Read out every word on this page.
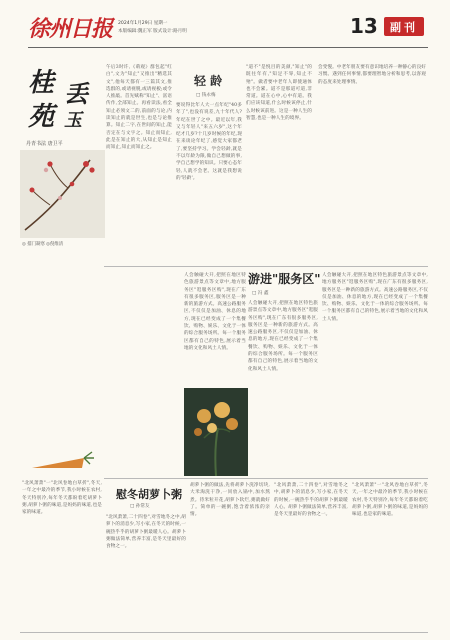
徐州日报 2024年1月29日 星期一
本版编辑:魏正军 版式设计:路月明	13	副刊
桂
苑
丢
玉
丹青书法 唐卫平
◎ 擂门凝寒 ◎倪维清
午后3时许,《萌观》群包起"红白",文为"知止"又推出"精选其文",他每天都有一三篇其文,推选群的,或请视脱,或请视板;或令人推敲。首先赋称"知止"、富语传作,全部知止。再看读法,看全知止必须文二的,前面的与论,内读知止的就是世生,也是与论推算。知止二字,在世间的知止,能否定在与文字之。知止而知止,此是在知止的大,从知止是知止而知止,知止而知止之。
轻 龄
□ 钱永梅
要说得比年人大一点年纪"40多年了",也没有说差,九十年代人?年纪在世了之中。最近以年,我又与年轻人"来五六岁",这个年纪才几岁?十几岁时候的年纪,现在来谈论年纪了,感觉大家都老了,要坚持学习。学会轻龄,就是不以年龄为限,做自己想做的事,学自己想学的知识。只要心态年轻,人就不会老。这就是我想说的'轻龄'。
"道不"是悦目的美颜,"知止"的既往年有,"知足不辱,知止不殆"。做者要中老年人即使通体也不会累。道不是那道可道,非常道。道在心中,心中有道。我们应该知道,什么时候该停止,什么时候该前进。这是一种人生的智慧,也是一种人生的境界。
会变慢。中老年朋友要有意识地培养一种静心的良好习惯。遇到任何事情,都要理智地分析和思考,以客观的态度来处理事情。
人会触碰大开,把照在地区特色旅游景点等文章中,地方服务区"逛服务区购",现在广东有很多服务区,服务区是一种新的旅游方式。高速公路服务区,不仅仅是加油、休息的地方,现在已经变成了一个集餐饮、购物、娱乐、文化于一体的综合服务场所。每一个服务区都有自己的特色,展示着当地的文化和风土人情。
游进"服务区"
□ 冯 鑫
人会触碰大开,把照在地区特色旅游景点等文章中,地方服务区"逛服务区购",现在广东有很多服务区,服务区是一种新的旅游方式。高速公路服务区,不仅仅是加油、休息的地方,现在已经变成了一个集餐饮、购物、娱乐、文化于一体的综合服务场所。每一个服务区都有自己的特色,展示着当地的文化和风土人情。
人会触碰大开,把照在地区特色旅游景点等文章中,地方服务区"逛服务区购",现在广东有很多服务区,服务区是一种新的旅游方式。高速公路服务区,不仅仅是加油、休息的地方,现在已经变成了一个集餐饮、购物、娱乐、文化于一体的综合服务场所。每一个服务区都有自己的特色,展示着当地的文化和风土人情。
"北风萧萧"一"北风卷地白草折",冬天,一年之中最冷的季节,我小时候在农村,冬天特别冷,每年冬天都盼着吃胡萝卜粥,胡萝卜粥的味道,是妈妈的味道,也是家的味道。
慰冬胡萝卜粥
□ 孙常友
"北风萧萧,二十四卷",对雪地冬之中,胡萝卜的消息少,写小家,在冬天的时候,一碗热乎乎的胡萝卜粥最暖人心。胡萝卜粥做法简单,营养丰富,是冬天里最好的食物之一。
胡萝卜粥的做法,先将胡萝卜洗净切块,大米淘洗干净,一同放入锅中,加水熬煮。待米粒开花,胡萝卜软烂,粥就做好了。简单的一碗粥,饱含着浓浓的亲情。
"北风萧萧,二十四卷",对雪地冬之中,胡萝卜的消息少,写小家,在冬天的时候,一碗热乎乎的胡萝卜粥最暖人心。胡萝卜粥做法简单,营养丰富,是冬天里最好的食物之一。
"北风萧萧"一"北风卷地白草折",冬天,一年之中最冷的季节,我小时候在农村,冬天特别冷,每年冬天都盼着吃胡萝卜粥,胡萝卜粥的味道,是妈妈的味道,也是家的味道。
